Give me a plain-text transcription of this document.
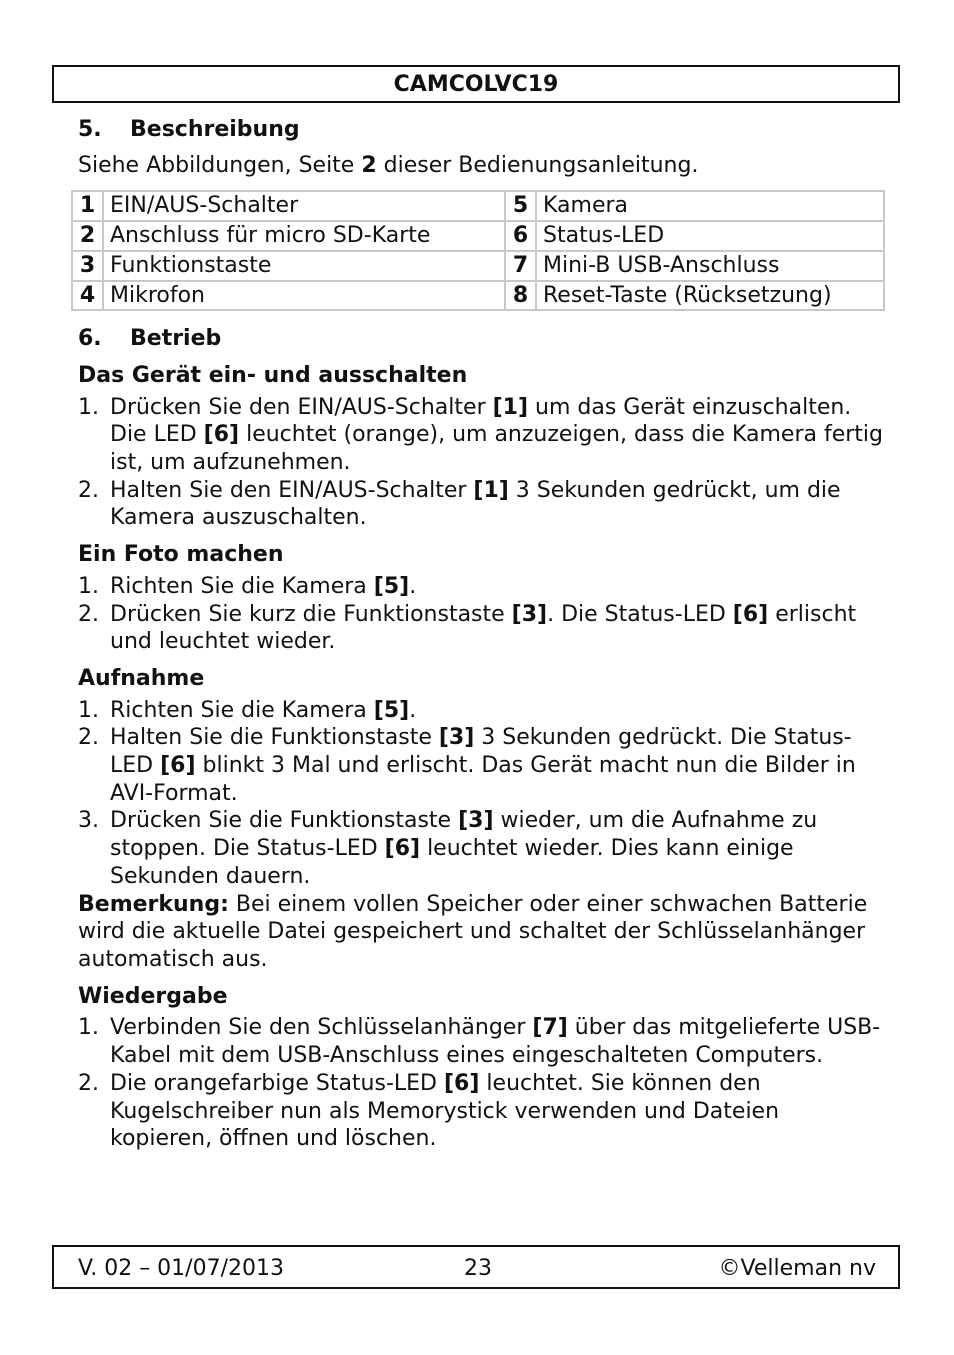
CAMCOLVC19
5.	Beschreibung

Siehe Abbildungen, Seite 2 dieser Bedienungsanleitung.

1	EIN/AUS-Schalter	5	Kamera
2	Anschluss für micro SD-Karte	6	Status-LED
3	Funktionstaste	7	Mini-B USB-Anschluss
4	Mikrofon	8	Reset-Taste (Rücksetzung)
6.	Betrieb
Das Gerät ein- und ausschalten
1. Drücken Sie den EIN/AUS-Schalter [1] um das Gerät einzuschalten. Die LED [6] leuchtet (orange), um anzuzeigen, dass die Kamera fertig ist, um aufzunehmen.
2. Halten Sie den EIN/AUS-Schalter [1] 3 Sekunden gedrückt, um die Kamera auszuschalten.
Ein Foto machen
1. Richten Sie die Kamera [5].
2. Drücken Sie kurz die Funktionstaste [3]. Die Status-LED [6] erlischt und leuchtet wieder.
Aufnahme
1. Richten Sie die Kamera [5].
2. Halten Sie die Funktionstaste [3] 3 Sekunden gedrückt. Die Status-LED [6] blinkt 3 Mal und erlischt. Das Gerät macht nun die Bilder in AVI-Format.
3. Drücken Sie die Funktionstaste [3] wieder, um die Aufnahme zu stoppen. Die Status-LED [6] leuchtet wieder. Dies kann einige Sekunden dauern.

Bemerkung: Bei einem vollen Speicher oder einer schwachen Batterie wird die aktuelle Datei gespeichert und schaltet der Schlüsselanhänger automatisch aus.

Wiedergabe
1. Verbinden Sie den Schlüsselanhänger [7] über das mitgelieferte USB-Kabel mit dem USB-Anschluss eines eingeschalteten Computers.
2. Die orangefarbige Status-LED [6] leuchtet. Sie können den Kugelschreiber nun als Memorystick verwenden und Dateien kopieren, öffnen und löschen.
V. 02 – 01/07/2013	23	©Velleman nv
